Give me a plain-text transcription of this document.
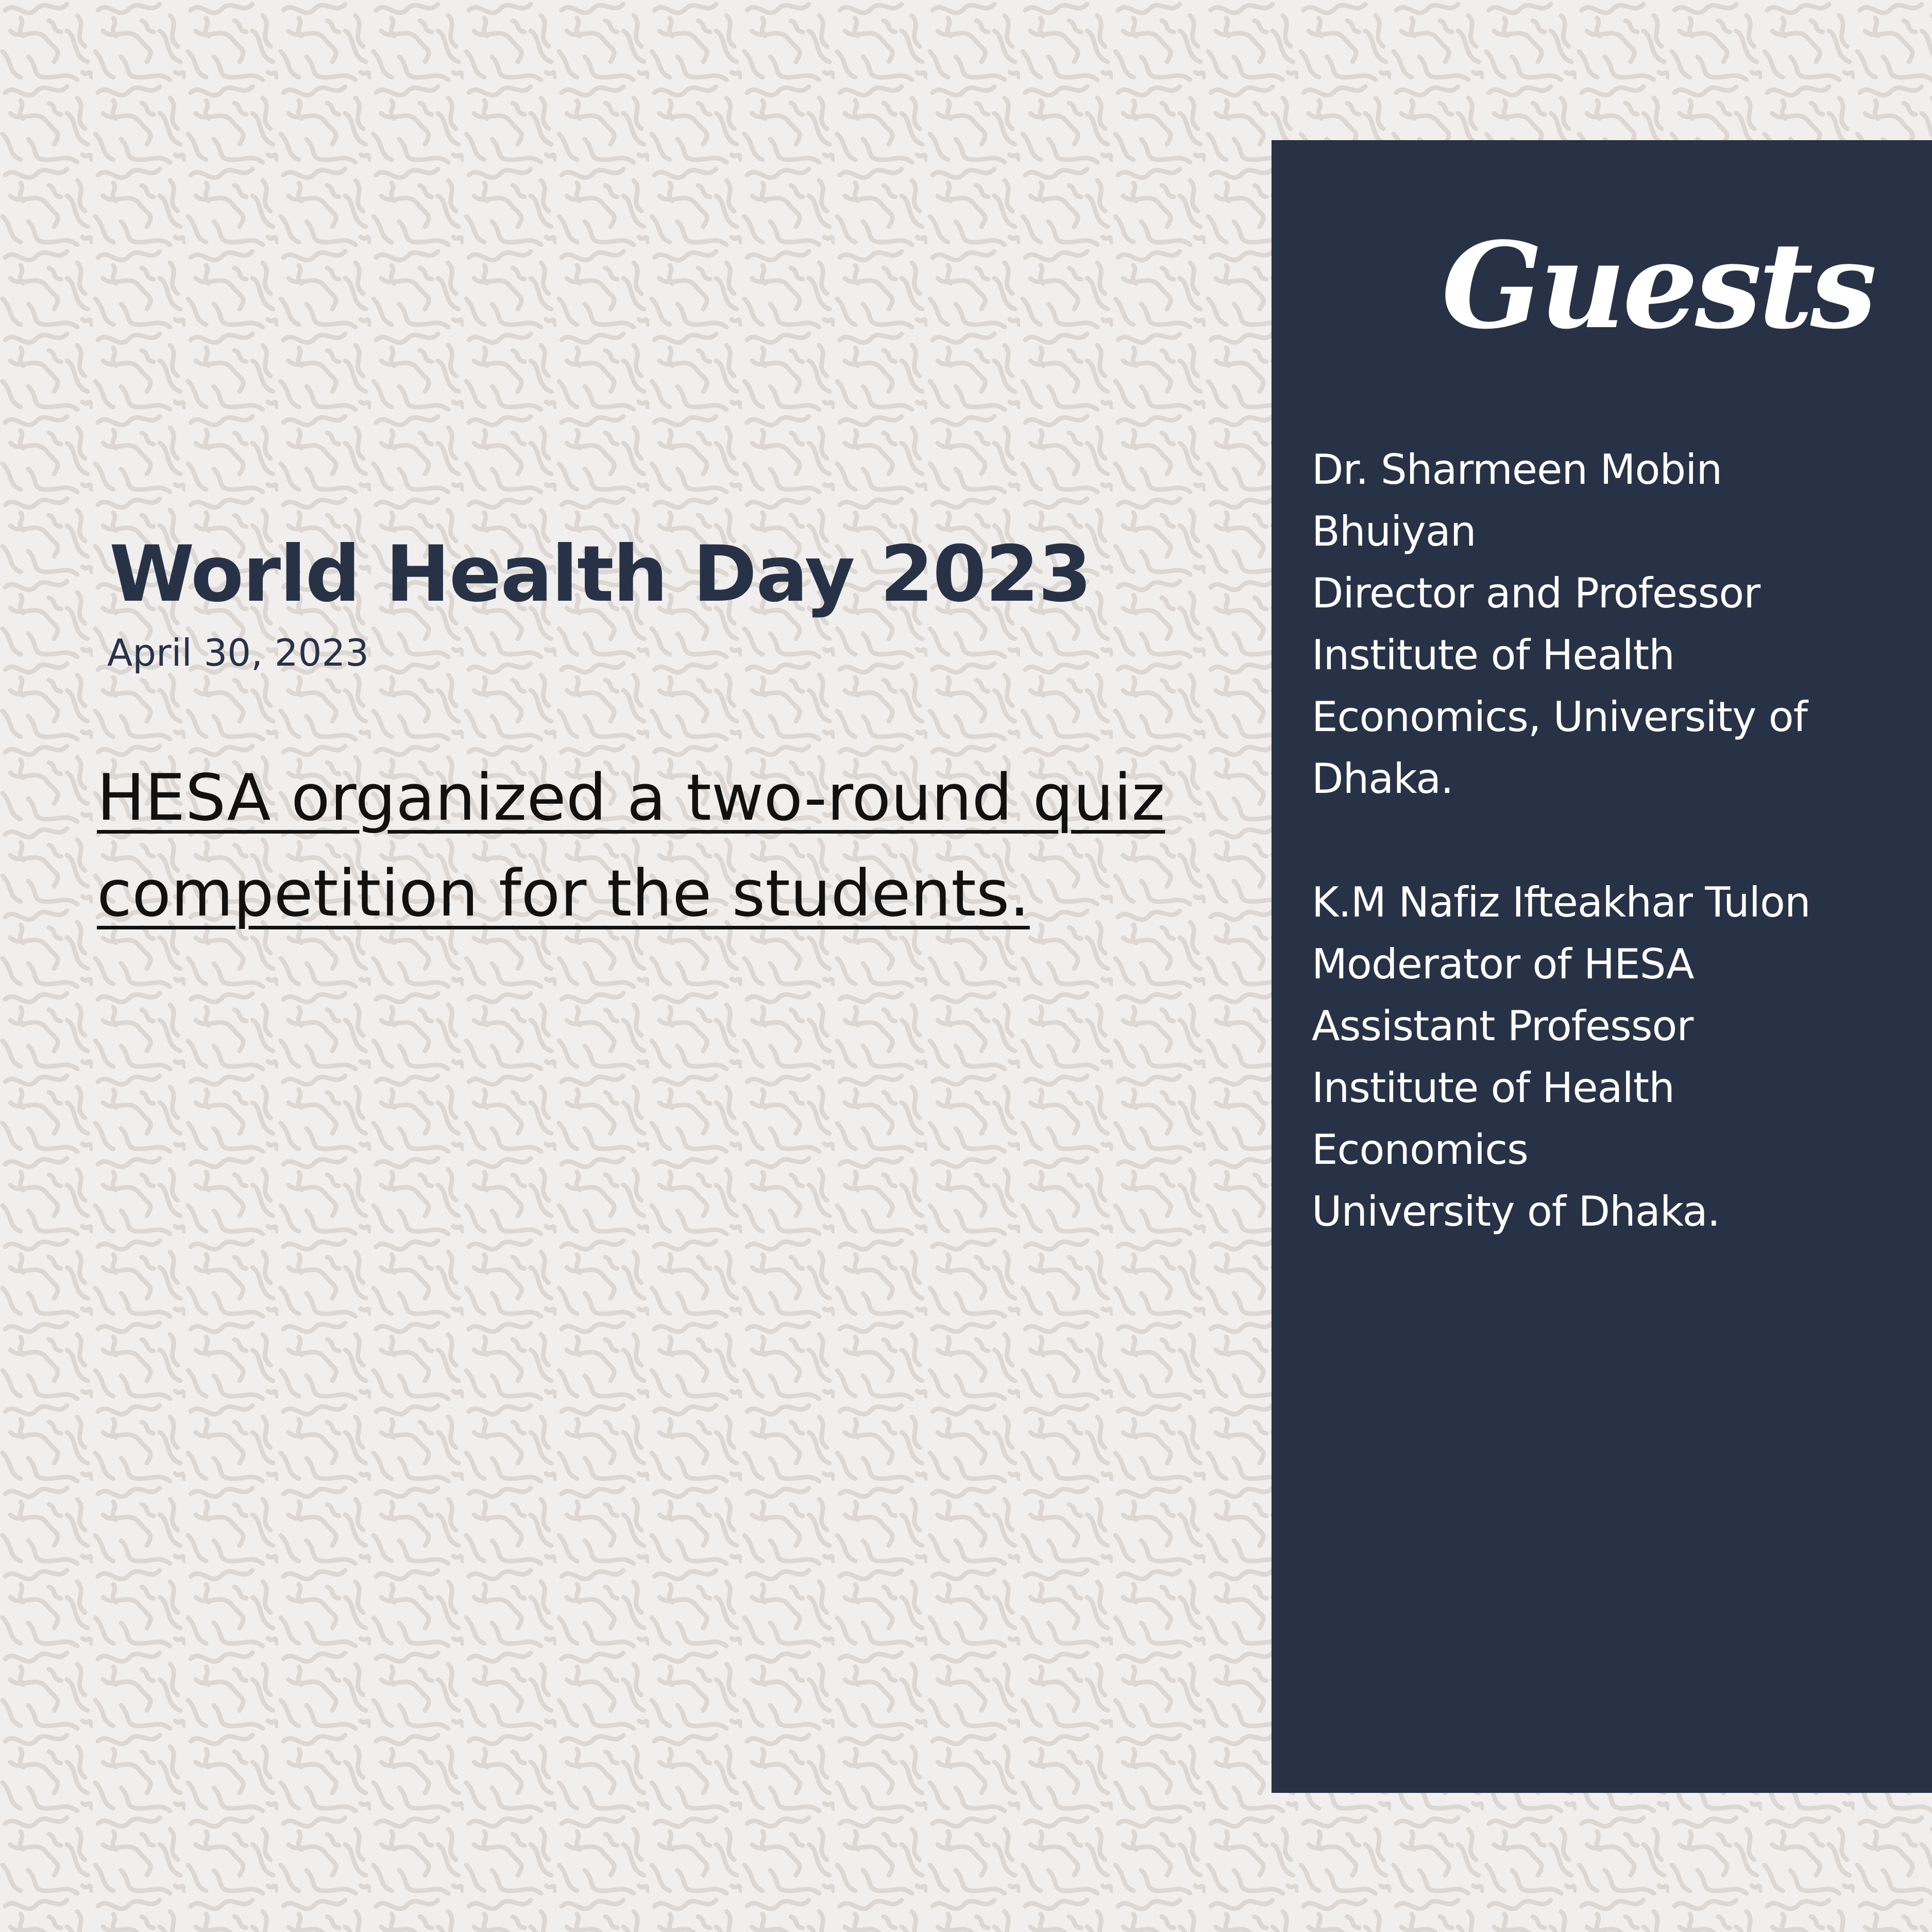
World Health Day 2023

April 30, 2023

HESA organized a two-round quiz competition for the students.

Guests
Dr. Sharmeen Mobin
Bhuiyan
Director and Professor
Institute of Health
Economics, University of
Dhaka.
K.M Nafiz Ifteakhar Tulon
Moderator of HESA
Assistant Professor
Institute of Health
Economics
University of Dhaka.
